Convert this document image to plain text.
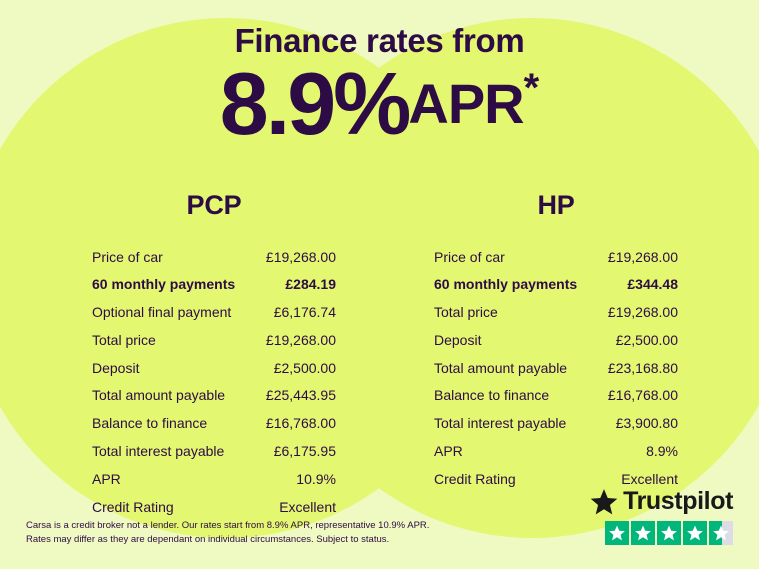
Finance rates from
8.9%APR*
PCP
Price of car	£19,268.00
60 monthly payments	£284.19
Optional final payment	£6,176.74
Total price	£19,268.00
Deposit	£2,500.00
Total amount payable	£25,443.95
Balance to finance	£16,768.00
Total interest payable	£6,175.95
APR	10.9%
Credit Rating	Excellent
HP
Price of car	£19,268.00
60 monthly payments	£344.48
Total price	£19,268.00
Deposit	£2,500.00
Total amount payable	£23,168.80
Balance to finance	£16,768.00
Total interest payable	£3,900.80
APR	8.9%
Credit Rating	Excellent
Carsa is a credit broker not a lender. Our rates start from 8.9% APR, representative 10.9% APR.
Rates may differ as they are dependant on individual circumstances. Subject to status.
Trustpilot
